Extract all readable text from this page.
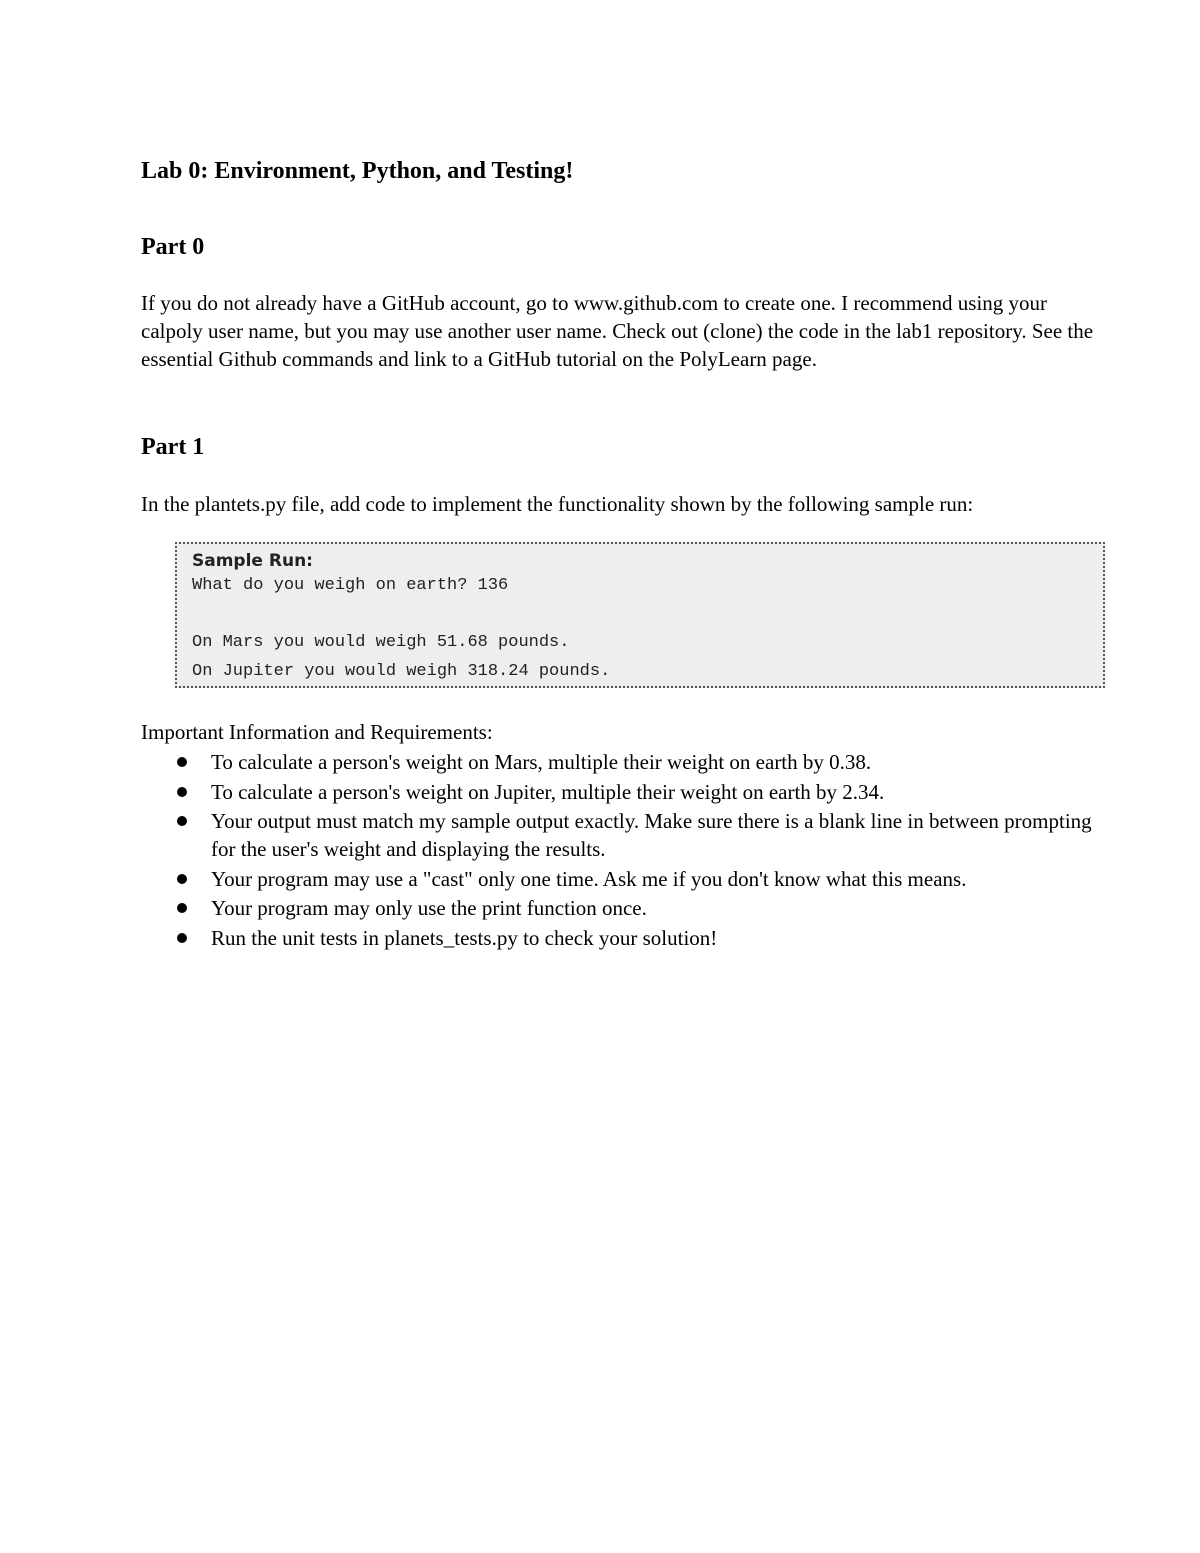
Lab 0: Environment, Python, and Testing!
Part 0

If you do not already have a GitHub account, go to www.github.com to create one. I recommend using your calpoly user name, but you may use another user name. Check out (clone) the code in the lab1 repository. See the essential Github commands and link to a GitHub tutorial on the PolyLearn page.

Part 1

In the plantets.py file, add code to implement the functionality shown by the following sample run:

Sample Run:
What do you weigh on earth? 136
On Mars you would weigh 51.68 pounds.
On Jupiter you would weigh 318.24 pounds.

Important Information and Requirements:

To calculate a person's weight on Mars, multiple their weight on earth by 0.38.
To calculate a person's weight on Jupiter, multiple their weight on earth by 2.34.
Your output must match my sample output exactly. Make sure there is a blank line in between prompting for the user's weight and displaying the results.
Your program may use a "cast" only one time. Ask me if you don't know what this means.
Your program may only use the print function once.
Run the unit tests in planets_tests.py to check your solution!
